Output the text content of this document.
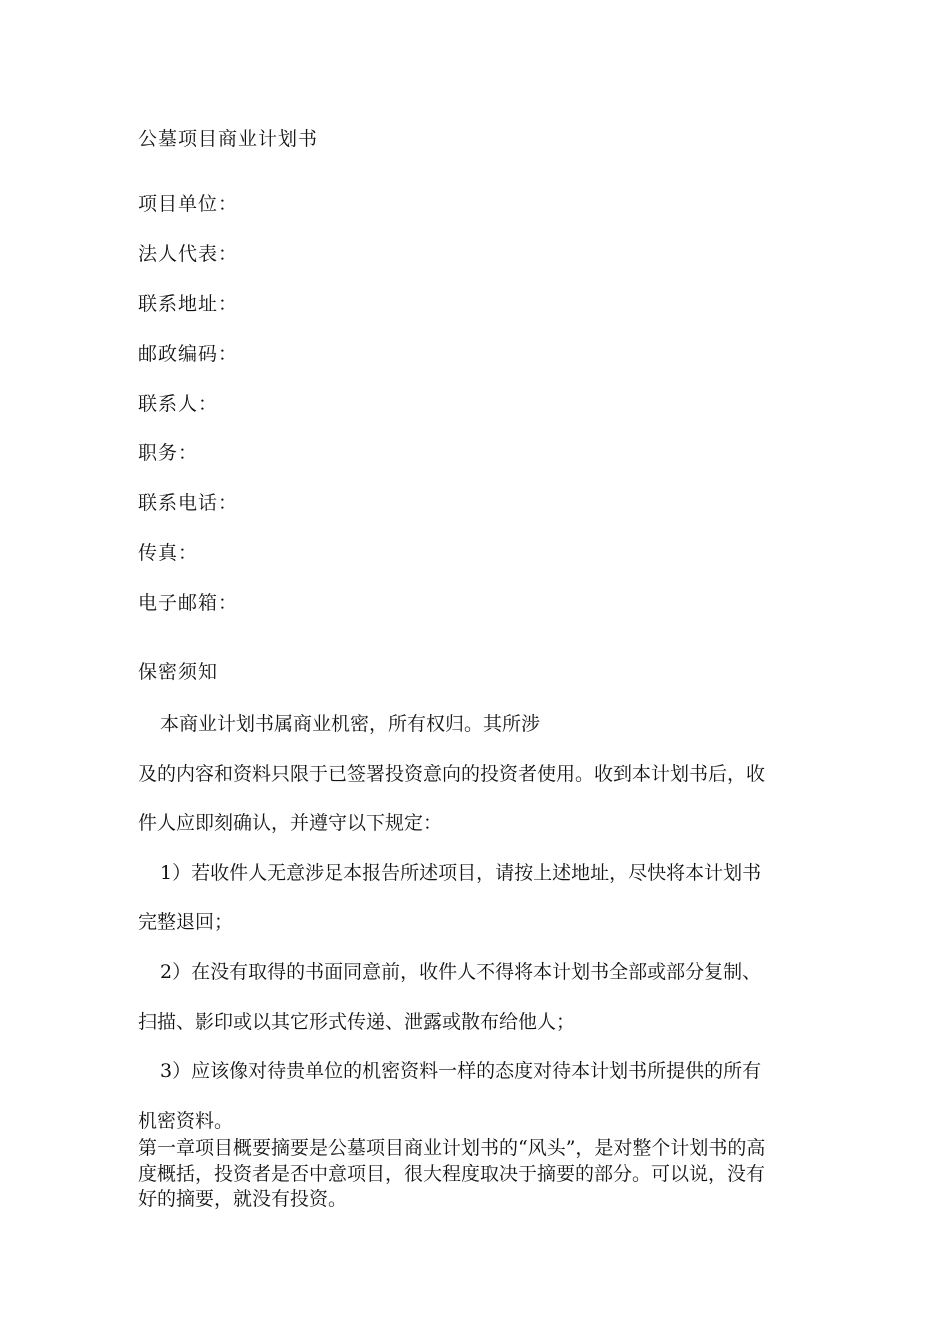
公墓项目商业计划书
项目单位：
法人代表：
联系地址：
邮政编码：
联系人：
职务：
联系电话：
传真：
电子邮箱：
保密须知
本商业计划书属商业机密，所有权归。其所涉
及的内容和资料只限于已签署投资意向的投资者使用。收到本计划书后，收
件人应即刻确认，并遵守以下规定：
1）若收件人无意涉足本报告所述项目，请按上述地址，尽快将本计划书
完整退回；
2）在没有取得的书面同意前，收件人不得将本计划书全部或部分复制、
扫描、影印或以其它形式传递、泄露或散布给他人；
3）应该像对待贵单位的机密资料一样的态度对待本计划书所提供的所有
机密资料。
第一章项目概要摘要是公墓项目商业计划书的“风头”，是对整个计划书的高
度概括，投资者是否中意项目，很大程度取决于摘要的部分。可以说，没有
好的摘要，就没有投资。
